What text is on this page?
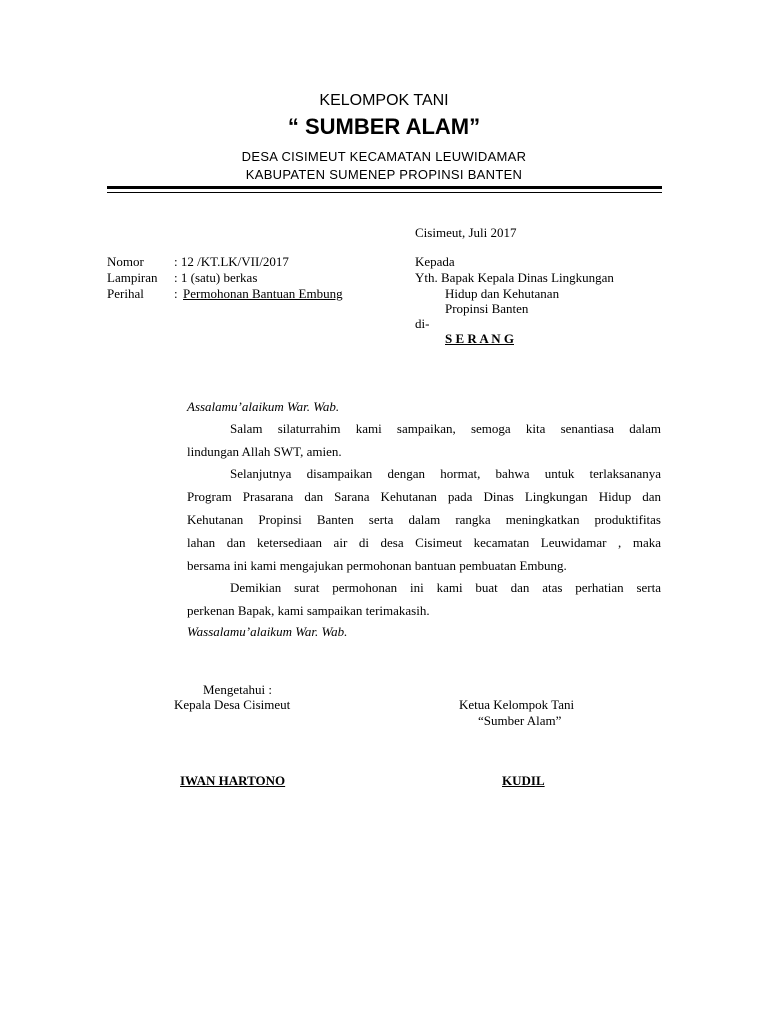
KELOMPOK TANI
“ SUMBER ALAM”
DESA CISIMEUT KECAMATAN LEUWIDAMAR
KABUPATEN SUMENEP PROPINSI BANTEN
Cisimeut, Juli 2017
Nomor : 12 /KT.LK/VII/2017
Lampiran : 1 (satu) berkas
Perihal : Permohonan Bantuan Embung
Kepada
Yth. Bapak Kepala Dinas Lingkungan
Hidup dan Kehutanan
Propinsi Banten
di-
S E R A N G
Assalamu’alaikum War. Wab.
Salam silaturrahim kami sampaikan, semoga kita senantiasa dalam
lindungan Allah SWT, amien.
Selanjutnya disampaikan dengan hormat, bahwa untuk terlaksananya
Program Prasarana dan Sarana Kehutanan pada Dinas Lingkungan Hidup dan
Kehutanan Propinsi Banten serta dalam rangka meningkatkan produktifitas
lahan dan ketersediaan air di desa Cisimeut kecamatan Leuwidamar , maka
bersama ini kami mengajukan permohonan bantuan pembuatan Embung.
Demikian surat permohonan ini kami buat dan atas perhatian serta
perkenan Bapak, kami sampaikan terimakasih.
Wassalamu’alaikum War. Wab.
Mengetahui :
Kepala Desa Cisimeut
IWAN HARTONO
Ketua Kelompok Tani
“Sumber Alam”
KUDIL
